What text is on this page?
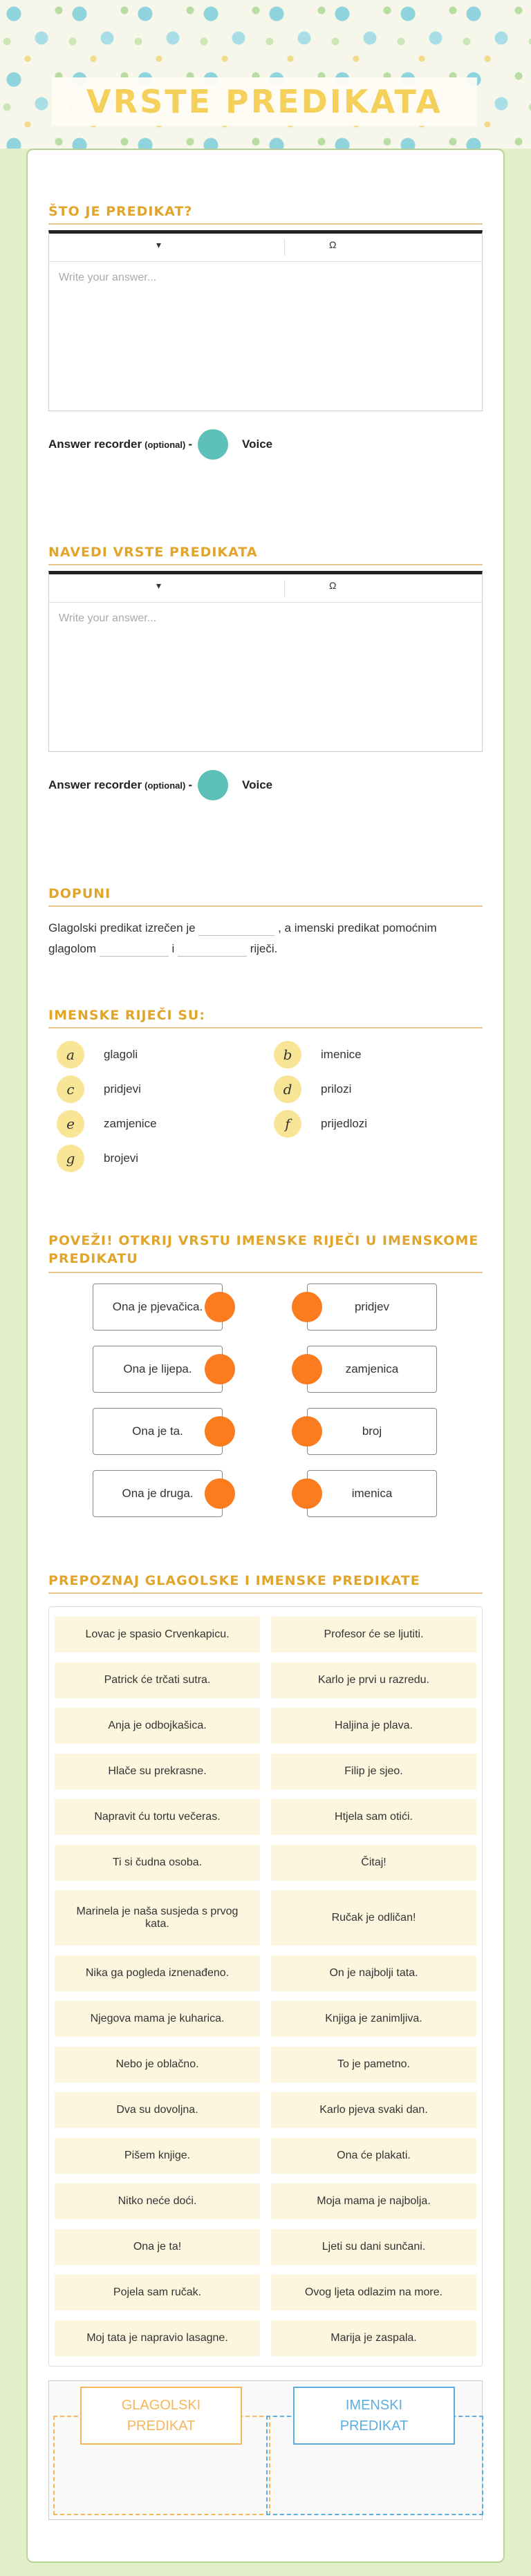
VRSTE PREDIKATA
ŠTO JE PREDIKAT?
▾	Ω
Write your answer...
Answer recorder (optional) -	Voice
NAVEDI VRSTE PREDIKATA
▾	Ω
Write your answer...
Answer recorder (optional) -	Voice
DOPUNI
Glagolski predikat izrečen je	, a imenski predikat pomoćnim
glagolom	i	riječi.
IMENSKE RIJEČI SU:
a	glagoli	b	imenice
c	pridjevi	d	prilozi
e	zamjenice	f	prijedlozi
g	brojevi
POVEŽI! OTKRIJ VRSTU IMENSKE RIJEČI U IMENSKOME PREDIKATU
Ona je pjevačica.	pridjev
Ona je lijepa.	zamjenica
Ona je ta.	broj
Ona je druga.	imenica
PREPOZNAJ GLAGOLSKE I IMENSKE PREDIKATE
Lovac je spasio Crvenkapicu.	Profesor će se ljutiti.
Patrick će trčati sutra.	Karlo je prvi u razredu.
Anja je odbojkašica.	Haljina je plava.
Hlače su prekrasne.	Filip je sjeo.
Napravit ću tortu večeras.	Htjela sam otići.
Ti si čudna osoba.	Čitaj!
Marinela je naša susjeda s prvog kata.
Ručak je odličan!
Nika ga pogleda iznenađeno.	On je najbolji tata.
Njegova mama je kuharica.	Knjiga je zanimljiva.
Nebo je oblačno.	To je pametno.
Dva su dovoljna.	Karlo pjeva svaki dan.
Pišem knjige.	Ona će plakati.
Nitko neće doći.	Moja mama je najbolja.
Ona je ta!	Ljeti su dani sunčani.
Pojela sam ručak.	Ovog ljeta odlazim na more.
Moj tata je napravio lasagne.	Marija je zaspala.
GLAGOLSKI
PREDIKAT
IMENSKI
PREDIKAT
